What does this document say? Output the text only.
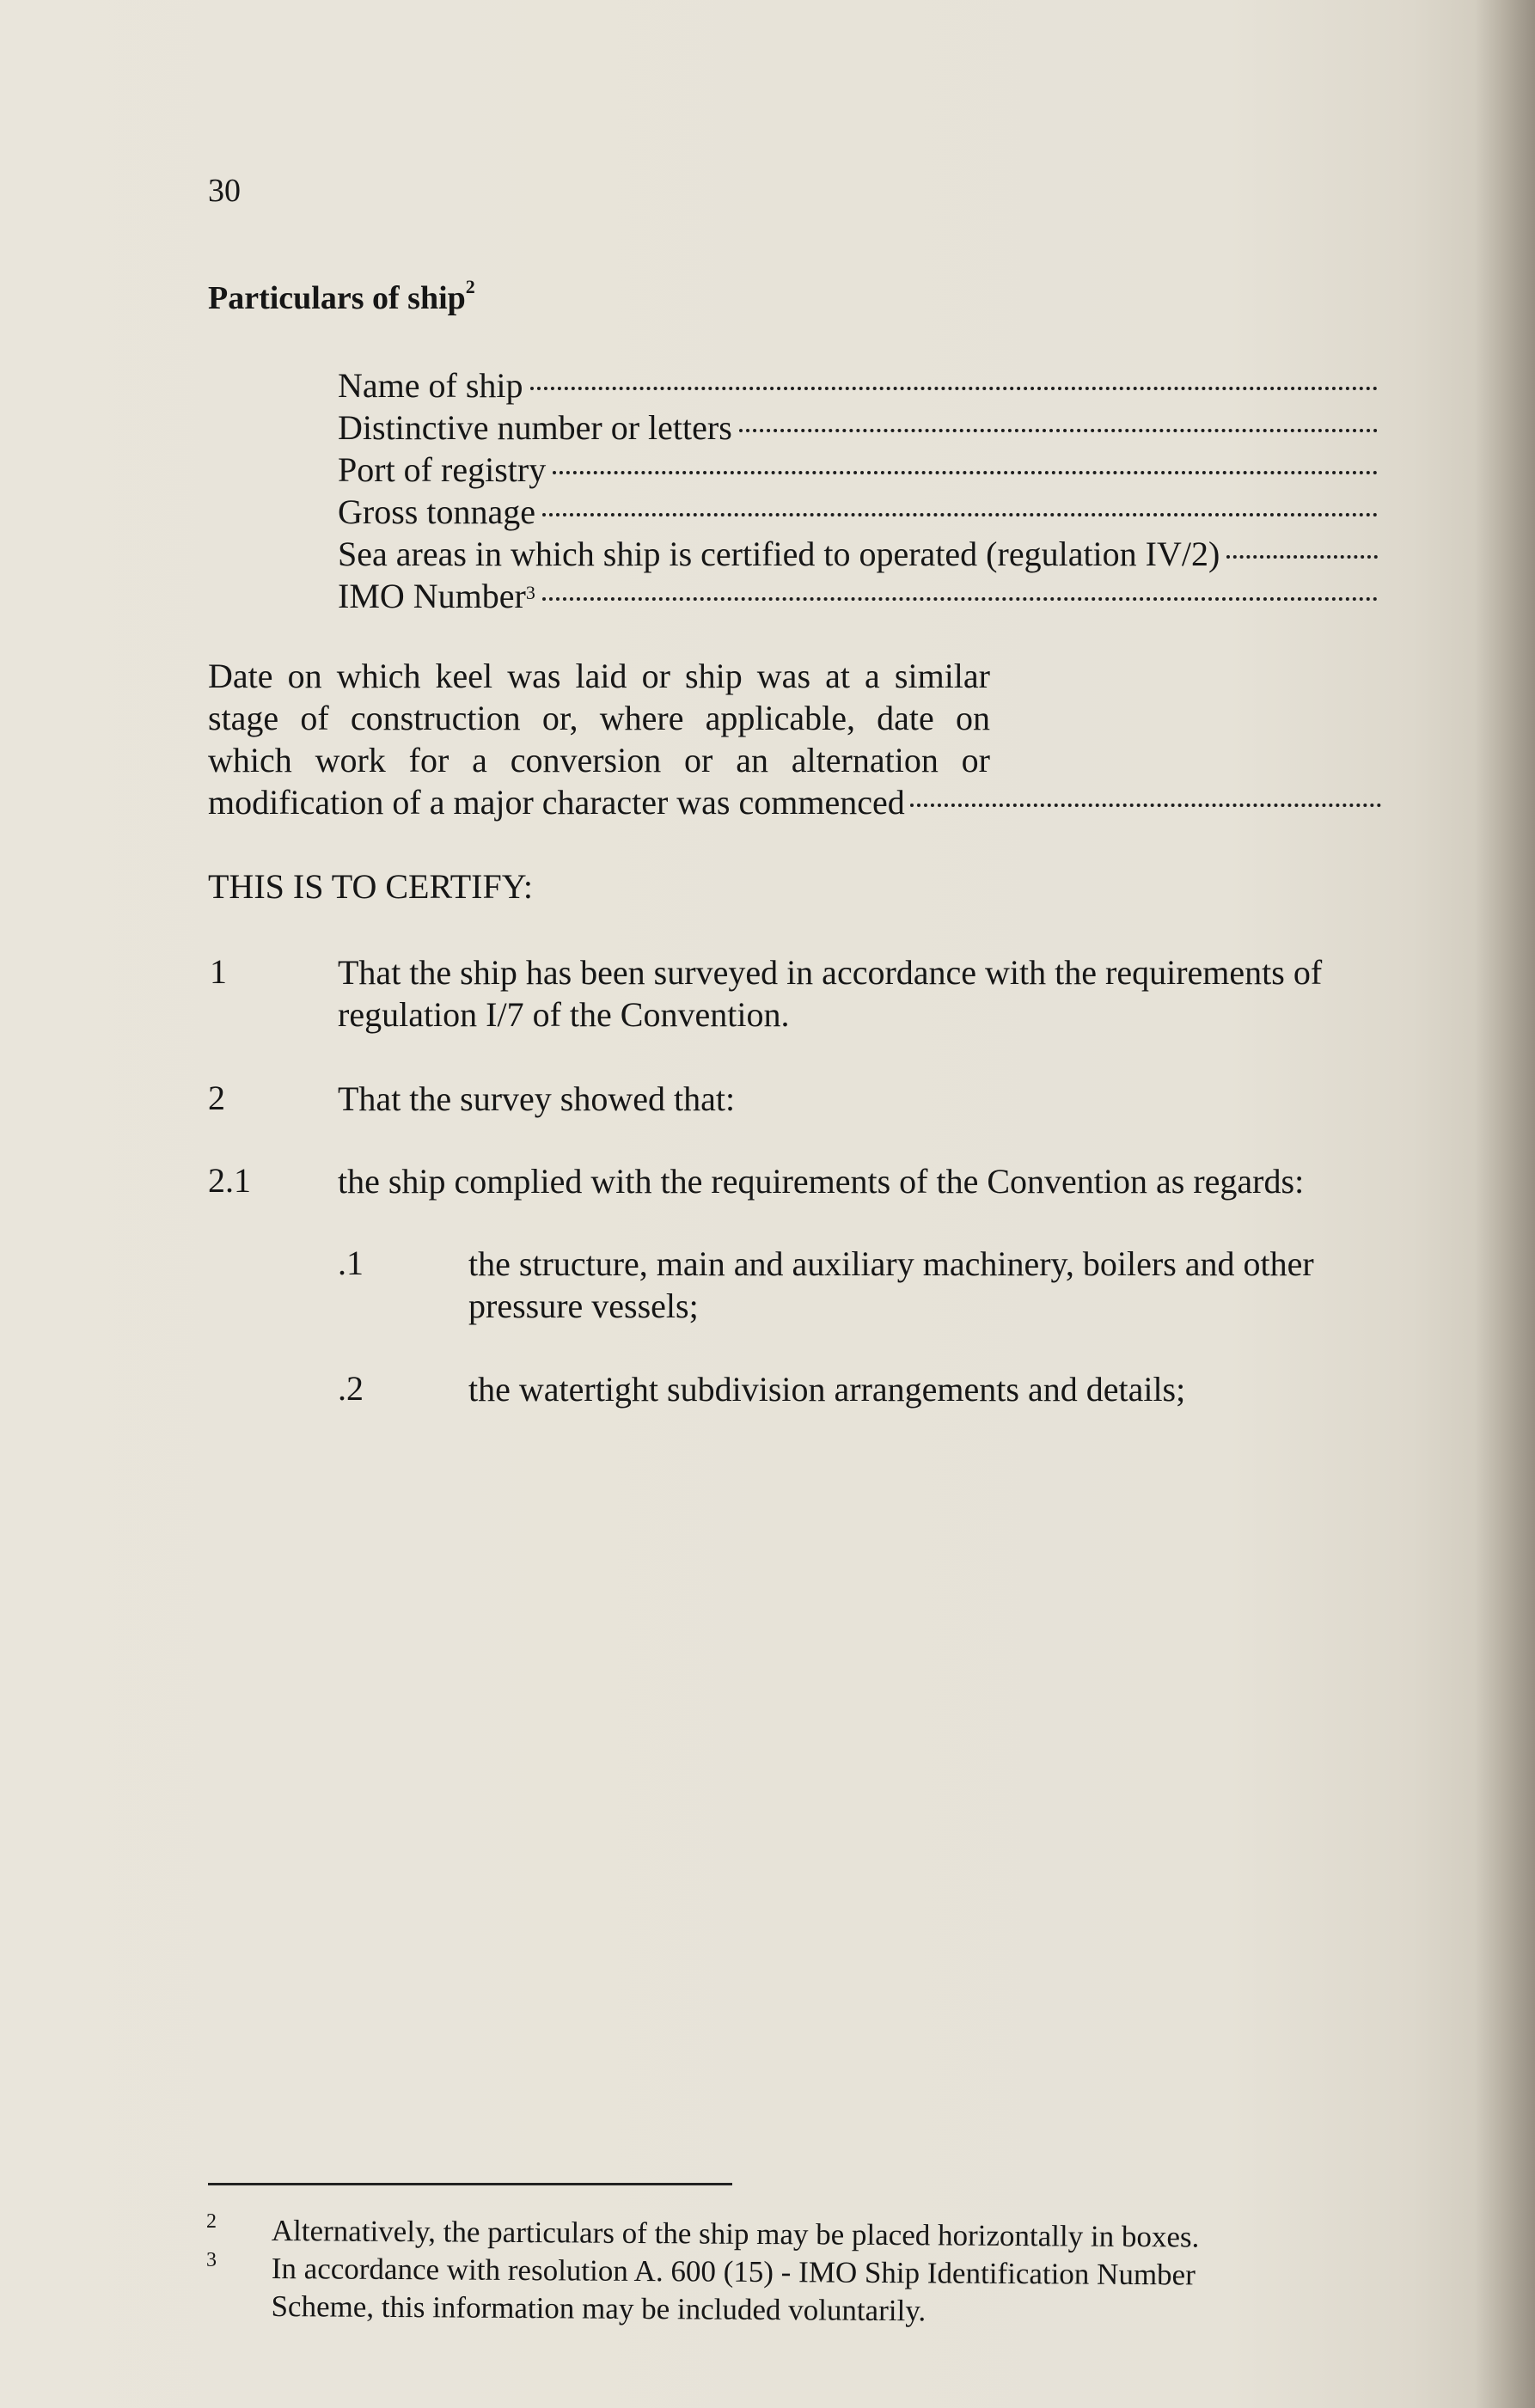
30
Particulars of ship$^2$
Name of ship
Distinctive number or letters
Port of registry
Gross tonnage
Sea areas in which ship is certified to operated (regulation IV/2)
IMO Number$^3$
Date on which keel was laid or ship was at a similar
stage of construction or, where applicable, date on
which work for a conversion or an alternation or
modification of a major character was commenced
THIS IS TO CERTIFY:
1	That the ship has been surveyed in accordance with the requirements of
regulation I/7 of the Convention.
2	That the survey showed that:
2.1	the ship complied with the requirements of the Convention as regards:
.1	the structure, main and auxiliary machinery, boilers and other
pressure vessels;
.2	the watertight subdivision arrangements and details;
2 Alternatively, the particulars of the ship may be placed horizontally in boxes.
3 In accordance with resolution A. 600 (15) - IMO Ship Identification Number
Scheme, this information may be included voluntarily.
